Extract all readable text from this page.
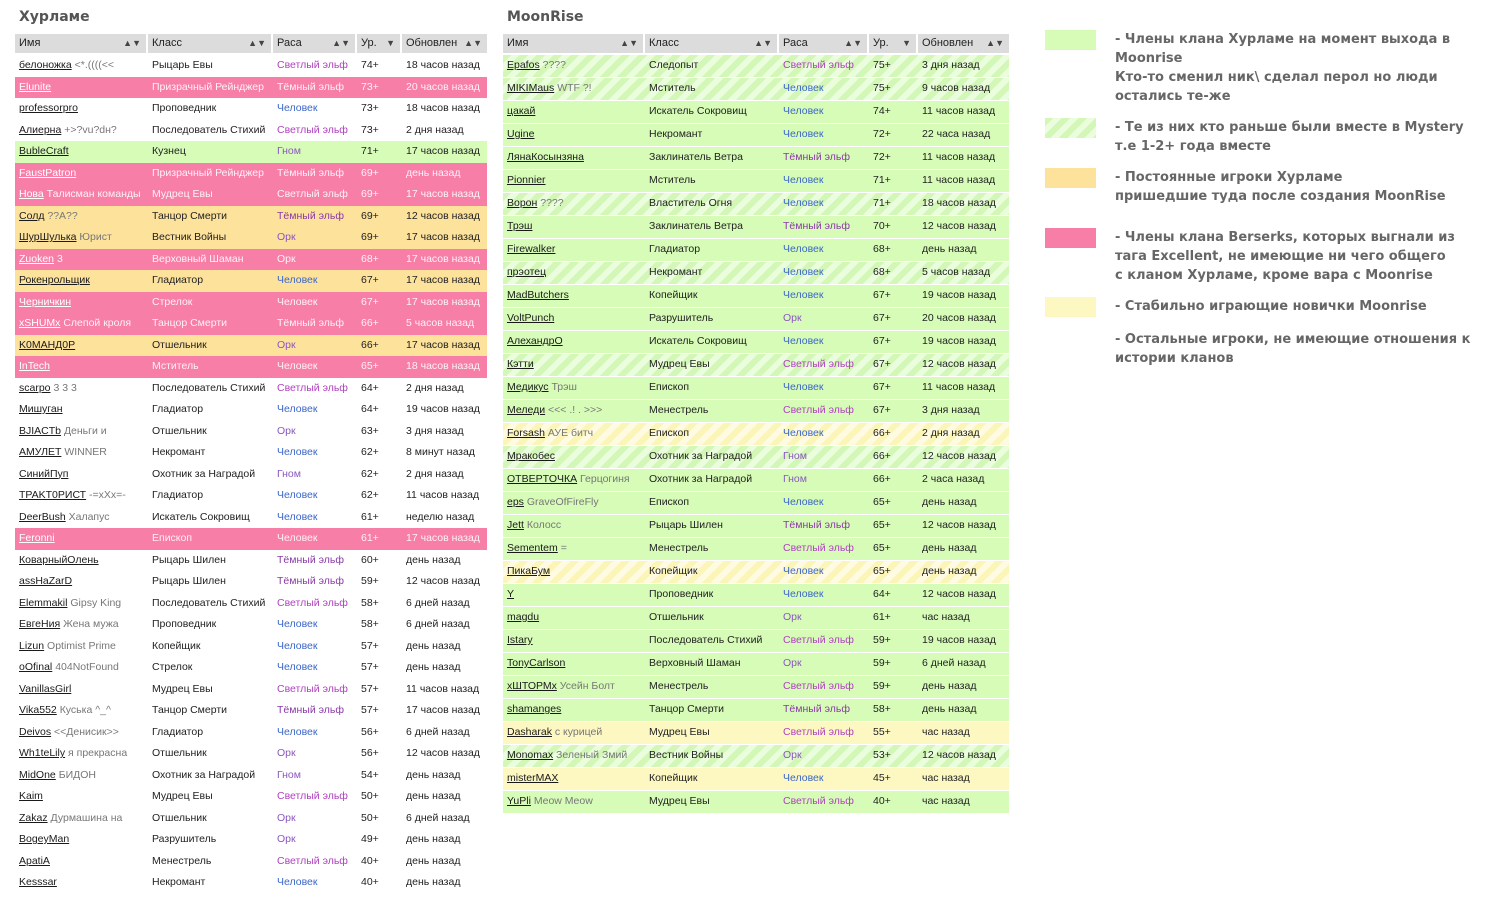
Хурламе
Имя	▲▼	Класс	▲▼	Раса	▲▼	Ур. ▼	Обновлен ▲▼
белоножка <*.((((<<	Рыцарь Евы	Светлый эльф	74+	18 часов назад
Elunite	Призрачный Рейнджер	Тёмный эльф	73+	20 часов назад
professorpro	Проповедник	Человек	73+	18 часов назад
Алиерна +>?vu?dн?	Последователь Стихий	Светлый эльф	73+	2 дня назад
BubleCraft	Кузнец	Гном	71+	17 часов назад
FaustPatron	Призрачный Рейнджер	Тёмный эльф	69+	день назад
Нова Талисман команды	Мудрец Евы	Светлый эльф	69+	17 часов назад
Солд ??A??	Танцор Смерти	Тёмный эльф	69+	12 часов назад
ШурШулька Юрист	Вестник Войны	Орк	69+	17 часов назад
Zuoken 3	Верховный Шаман	Орк	68+	17 часов назад
Рокенрольщик	Гладиатор	Человек	67+	17 часов назад
Черничкин	Стрелок	Человек	67+	17 часов назад
xSHUMx Слепой кроля	Танцор Смерти	Тёмный эльф	66+	5 часов назад
K0MAHД0P	Отшельник	Орк	66+	17 часов назад
InTech	Мститель	Человек	65+	18 часов назад
scarpo 3 3 3	Последователь Стихий	Светлый эльф	64+	2 дня назад
Мишуган	Гладиатор	Человек	64+	19 часов назад
BJIACTb Деньги и	Отшельник	Орк	63+	3 дня назад
AMУЛЕТ WINNER	Некромант	Человек	62+	8 минут назад
СинийПуп	Охотник за Наградой	Гном	62+	2 дня назад
TPAKT0PИСТ -=xXx=-	Гладиатор	Человек	62+	11 часов назад
DeerBush Халапус	Искатель Сокровищ	Человек	61+	неделю назад
Feronni	Епископ	Человек	61+	17 часов назад
КоварныйОлень	Рыцарь Шилен	Тёмный эльф	60+	день назад
assHaZarD	Рыцарь Шилен	Тёмный эльф	59+	12 часов назад
Elemmakil Gipsy King	Последователь Стихий	Светлый эльф	58+	6 дней назад
ЕвгеНия Жена мужа	Проповедник	Человек	58+	6 дней назад
Lizun Optimist Prime	Копейщик	Человек	57+	день назад
oOfinal 404NotFound	Стрелок	Человек	57+	день назад
VanillasGirl	Мудрец Евы	Светлый эльф	57+	11 часов назад
Vika552 Куська ^_^	Танцор Смерти	Тёмный эльф	57+	17 часов назад
Deivos <<Денисик>>	Гладиатор	Человек	56+	6 дней назад
Wh1teLily я прекрасна	Отшельник	Орк	56+	12 часов назад
MidOne БИДОН	Охотник за Наградой	Гном	54+	день назад
Kaim	Мудрец Евы	Светлый эльф	50+	день назад
Zakaz Дурмашина на	Отшельник	Орк	50+	6 дней назад
BogeyMan	Разрушитель	Орк	49+	день назад
ApatiA	Менестрель	Светлый эльф	40+	день назад
Kesssar	Некромант	Человек	40+	день назад
MoonRise
Имя	▲▼	Класс	▲▼	Раса	▲▼	Ур. ▼	Обновлен ▲▼
Epafos ????	Следопыт	Светлый эльф	75+	3 дня назад
MIKIMaus WTF ?!	Мститель	Человек	75+	9 часов назад
цакай	Искатель Сокровищ	Человек	74+	11 часов назад
Ugine	Некромант	Человек	72+	22 часа назад
ЛянаКосынзяна	Заклинатель Ветра	Тёмный эльф	72+	11 часов назад
Pionnier	Мститель	Человек	71+	11 часов назад
Ворон ????	Властитель Огня	Человек	71+	18 часов назад
Трэш	Заклинатель Ветра	Тёмный эльф	70+	12 часов назад
Firewalker	Гладиатор	Человек	68+	день назад
прэотец	Некромант	Человек	68+	5 часов назад
MadButchers	Копейщик	Человек	67+	19 часов назад
VoltPunch	Разрушитель	Орк	67+	20 часов назад
АлехандрО	Искатель Сокровищ	Человек	67+	19 часов назад
Кэтти	Мудрец Евы	Светлый эльф	67+	12 часов назад
Медикус Трэш	Епископ	Человек	67+	11 часов назад
Меледи <<< .! . >>>	Менестрель	Светлый эльф	67+	3 дня назад
Forsash АУЕ битч	Епископ	Человек	66+	2 дня назад
Мракобес	Охотник за Наградой	Гном	66+	12 часов назад
OTBEPTOЧКА Герцогиня	Охотник за Наградой	Гном	66+	2 часа назад
eps GraveOfFireFly	Епископ	Человек	65+	день назад
Jett Колосс	Рыцарь Шилен	Тёмный эльф	65+	12 часов назад
Sementem =	Менестрель	Светлый эльф	65+	день назад
ПикаБум	Копейщик	Человек	65+	день назад
Y	Проповедник	Человек	64+	12 часов назад
magdu	Отшельник	Орк	61+	час назад
Istary	Последователь Стихий	Светлый эльф	59+	19 часов назад
TonyCarlson	Верховный Шаман	Орк	59+	6 дней назад
хШТОРМх Усейн Болт	Менестрель	Светлый эльф	59+	день назад
shamanges	Танцор Смерти	Тёмный эльф	58+	день назад
Dasharak с курицей	Мудрец Евы	Светлый эльф	55+	час назад
Monomax Зеленый Змий	Вестник Войны	Орк	53+	12 часов назад
misterMAX	Копейщик	Человек	45+	час назад
YuPli Meow Meow	Мудрец Евы	Светлый эльф	40+	час назад
- Члены клана Хурламе на момент выхода в
Moonrise
Кто-то сменил ник\ сделал перол но люди
остались те-же
- Те из них кто раньше были вместе в Mystery
т.е 1-2+ года вместе
- Постоянные игроки Хурламе
пришедшие туда после создания MoonRise
- Члены клана Berserks, которых выгнали из
тага Excellent, не имеющие ни чего общего
с кланом Хурламе, кроме вара с Moonrise
- Стабильно играющие новички Moonrise
- Остальные игроки, не имеющие отношения к
истории кланов
